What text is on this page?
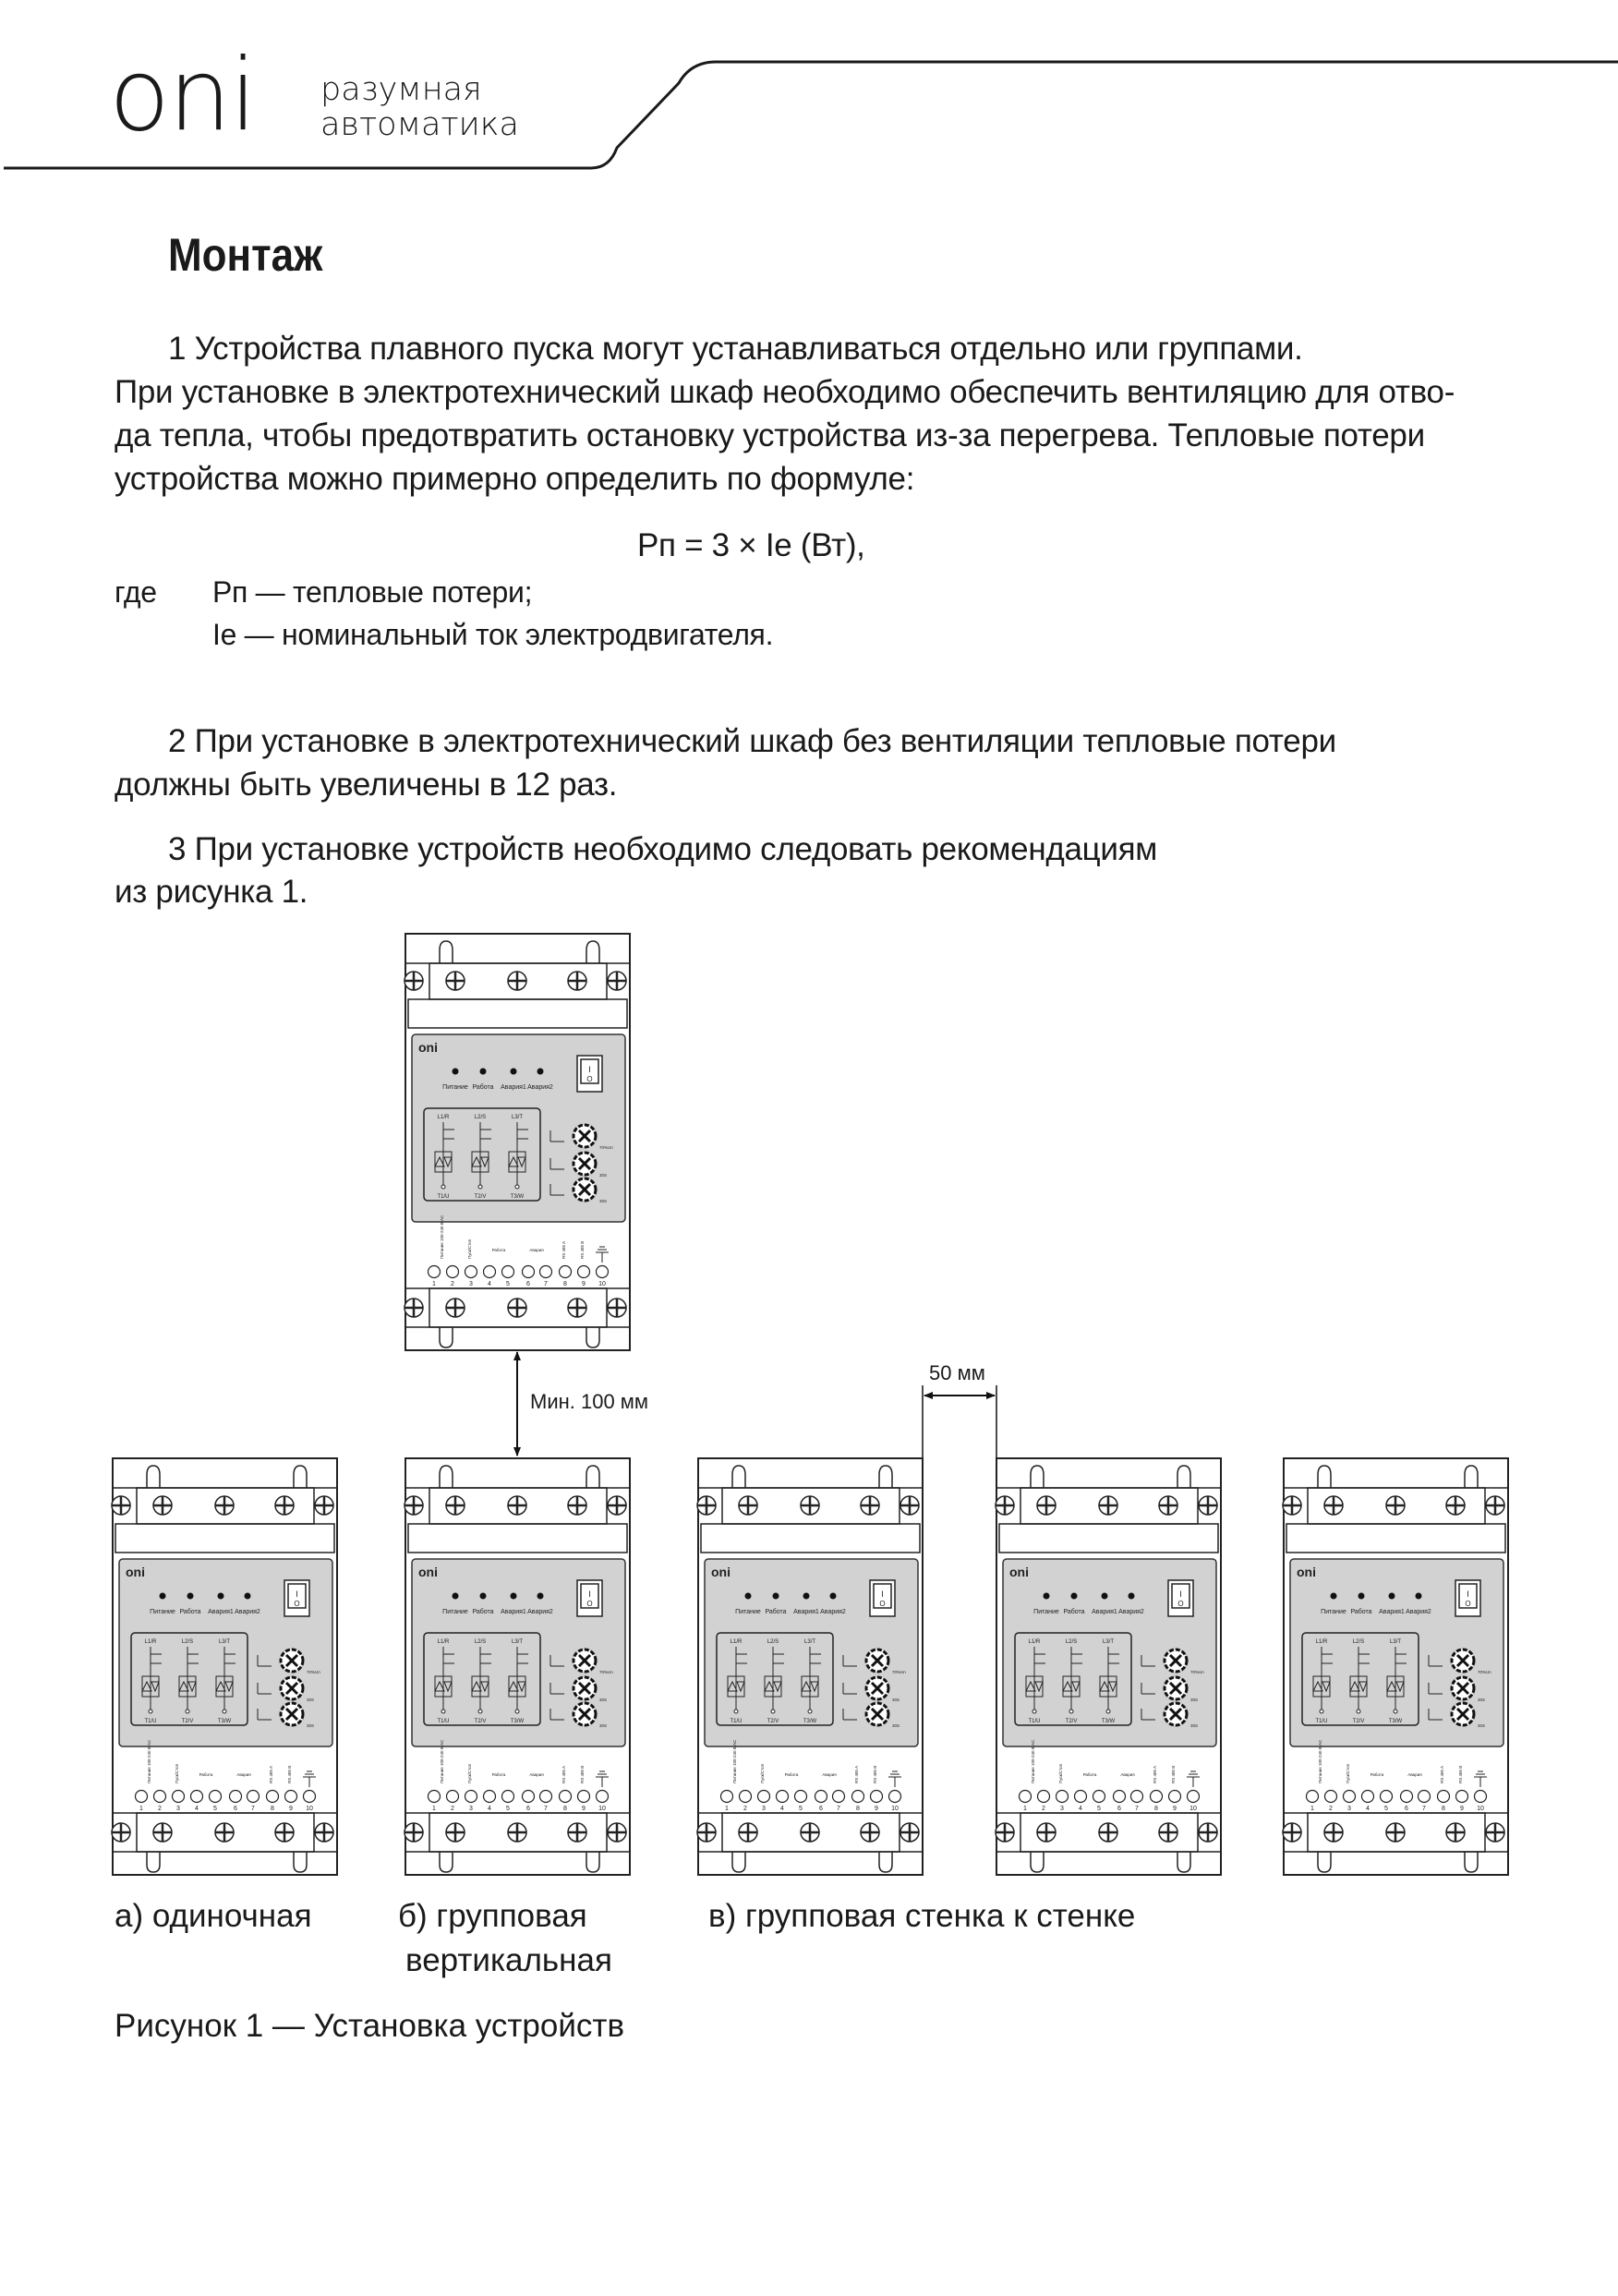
oni разумная
автоматика
Монтаж
1 Устройства плавного пуска могут устанавливаться отдельно или группами.
При установке в электротехнический шкаф необходимо обеспечить вентиляцию для отво-
да тепла, чтобы предотвратить остановку устройства из-за перегрева. Тепловые потери
устройства можно примерно определить по формуле:
Рп = 3 × Iе (Вт),
где Рп — тепловые потери;
Iе — номинальный ток электродвигателя.
2 При установке в электротехнический шкаф без вентиляции тепловые потери
должны быть увеличены в 12 раз.
3 При установке устройств необходимо следовать рекомендациям
из рисунка 1.
oni
Питание Работа Авария1 Авария2
I
O
L1/R
T1/U
L2/S
T2/V
L3/T
T3/W
70%Un
30S
30S
1 2 3 4 5	6 7 8 9 10
Питание 100-240 В AC	Пуск/Стоп	Работа	Авария	RS 485 A	RS 485 B
oni
Питание Работа Авария1 Авария2
I
O
L1/R
T1/U
L2/S
T2/V
L3/T
T3/W
70%Un
30S
30S
1 2 3 4 5	6 7 8 9 10
Питание 100-240 В AC	Пуск/Стоп	Работа	Авария	RS 485 A	RS 485 B
oni
Питание Работа Авария1 Авария2
I
O
L1/R
T1/U
L2/S
T2/V
L3/T
T3/W
70%Un
30S
30S
1 2 3 4 5	6 7 8 9 10
Питание 100-240 В AC	Пуск/Стоп	Работа	Авария	RS 485 A	RS 485 B
oni
Питание Работа Авария1 Авария2
I
O
L1/R
T1/U
L2/S
T2/V
L3/T
T3/W
70%Un
30S
30S
1 2 3 4 5	6 7 8 9 10
Питание 100-240 В AC	Пуск/Стоп	Работа	Авария	RS 485 A	RS 485 B
oni
Питание Работа Авария1 Авария2
I
O
L1/R
T1/U
L2/S
T2/V
L3/T
T3/W
70%Un
30S
30S
1 2 3 4 5	6 7 8 9 10
Питание 100-240 В AC	Пуск/Стоп	Работа	Авария	RS 485 A	RS 485 B
oni
Питание Работа Авария1 Авария2
I
O
L1/R
T1/U
L2/S
T2/V
L3/T
T3/W
70%Un
30S
30S
1 2 3 4 5	6 7 8 9 10
Питание 100-240 В AC	Пуск/Стоп	Работа	Авария	RS 485 A	RS 485 B
Мин. 100 мм
50 мм
а) одиночная	б) групповая
вертикальная
в) групповая стенка к стенке
Рисунок 1 — Установка устройств
